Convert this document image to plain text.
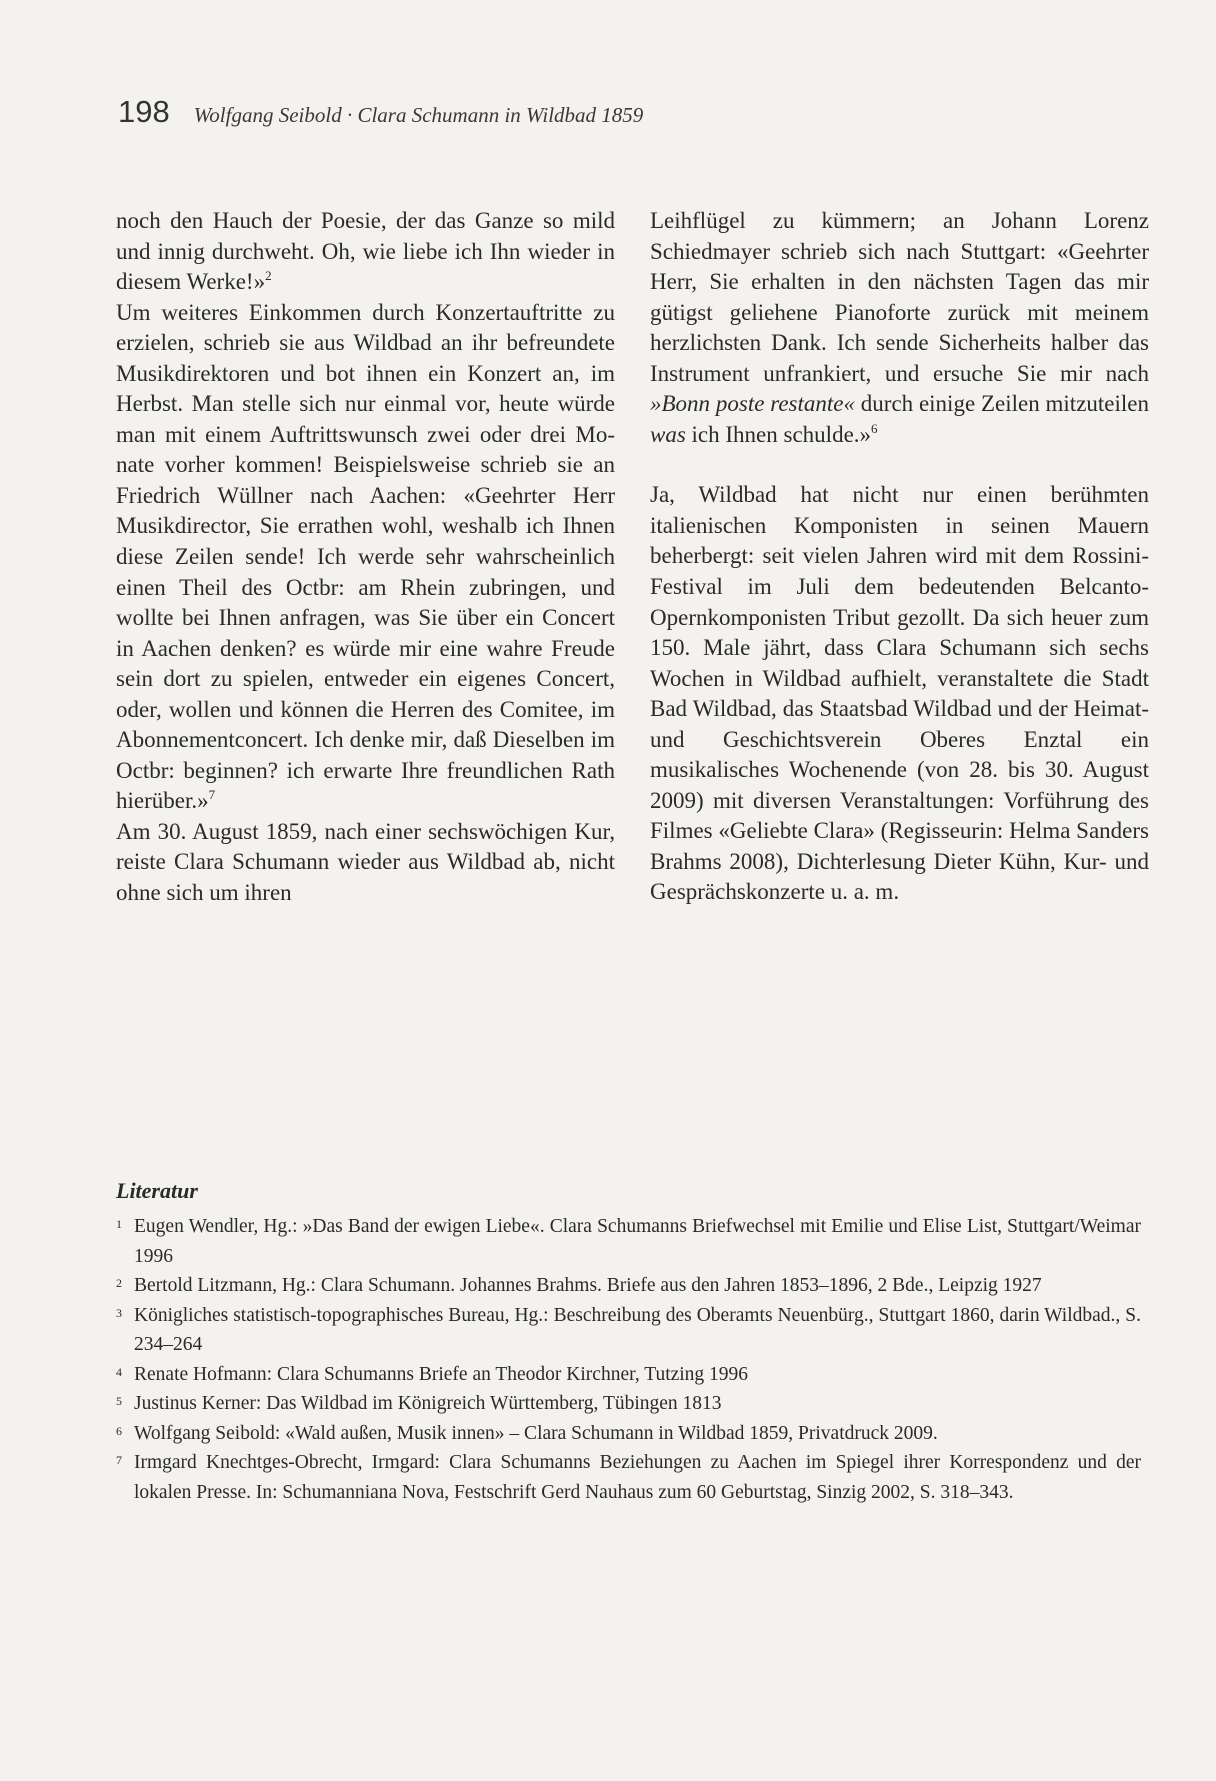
198 Wolfgang Seibold · Clara Schumann in Wildbad 1859

noch den Hauch der Poesie, der das Ganze so mild und innig durchweht. Oh, wie liebe ich Ihn wieder in diesem Werke!»$^2$

Um weiteres Einkommen durch Konzertauftritte zu erzielen, schrieb sie aus Wildbad an ihr befreundete Musikdirektoren und bot ihnen ein Konzert an, im Herbst. Man stelle sich nur einmal vor, heute würde man mit einem Auftrittswunsch zwei oder drei Monate vorher kommen! Beispielsweise schrieb sie an Friedrich Wüllner nach Aachen: «Geehrter Herr Musikdirector, Sie errathen wohl, weshalb ich Ihnen diese Zeilen sende! Ich werde sehr wahrscheinlich einen Theil des Octbr: am Rhein zubringen, und wollte bei Ihnen anfragen, was Sie über ein Concert in Aachen denken? es würde mir eine wahre Freude sein dort zu spielen, entweder ein eigenes Concert, oder, wollen und können die Herren des Comitee, im Abonnementconcert. Ich denke mir, daß Dieselben im Octbr: beginnen? ich erwarte Ihre freundlichen Rath hierüber.»$^7$

Am 30. August 1859, nach einer sechswöchigen Kur, reiste Clara Schumann wieder aus Wildbad ab, nicht ohne sich um ihren

Leihflügel zu kümmern; an Johann Lorenz Schiedmayer schrieb sich nach Stuttgart: «Geehrter Herr, Sie erhalten in den nächsten Tagen das mir gütigst geliehene Pianoforte zurück mit meinem herzlichsten Dank. Ich sende Sicherheits halber das Instrument unfrankiert, und ersuche Sie mir nach »Bonn poste restante« durch einige Zeilen mitzuteilen was ich Ihnen schulde.»$^6$

Ja, Wildbad hat nicht nur einen berühmten italienischen Komponisten in seinen Mauern beherbergt: seit vielen Jahren wird mit dem Rossini-Festival im Juli dem bedeutenden Belcanto-Opernkomponisten Tribut gezollt. Da sich heuer zum 150. Male jährt, dass Clara Schumann sich sechs Wochen in Wildbad aufhielt, veranstaltete die Stadt Bad Wildbad, das Staatsbad Wildbad und der Heimat- und Geschichtsverein Oberes Enztal ein musikalisches Wochenende (von 28. bis 30. August 2009) mit diversen Veranstaltungen: Vorführung des Filmes «Geliebte Clara» (Regisseurin: Helma Sanders Brahms 2008), Dichterlesung Dieter Kühn, Kur- und Gesprächskonzerte u. a. m.

Literatur

1 Eugen Wendler, Hg.: »Das Band der ewigen Liebe«. Clara Schumanns Briefwechsel mit Emilie und Elise List, Stuttgart/Weimar 1996
2 Bertold Litzmann, Hg.: Clara Schumann. Johannes Brahms. Briefe aus den Jahren 1853–1896, 2 Bde., Leipzig 1927
3 Königliches statistisch-topographisches Bureau, Hg.: Beschreibung des Oberamts Neuenbürg., Stuttgart 1860, darin Wildbad., S. 234–264
4 Renate Hofmann: Clara Schumanns Briefe an Theodor Kirchner, Tutzing 1996
5 Justinus Kerner: Das Wildbad im Königreich Württemberg, Tübingen 1813
6 Wolfgang Seibold: «Wald außen, Musik innen» – Clara Schumann in Wildbad 1859, Privatdruck 2009.
7 Irmgard Knechtges-Obrecht, Irmgard: Clara Schumanns Beziehungen zu Aachen im Spiegel ihrer Korrespondenz und der lokalen Presse. In: Schumanniana Nova, Festschrift Gerd Nauhaus zum 60 Geburtstag, Sinzig 2002, S. 318–343.
